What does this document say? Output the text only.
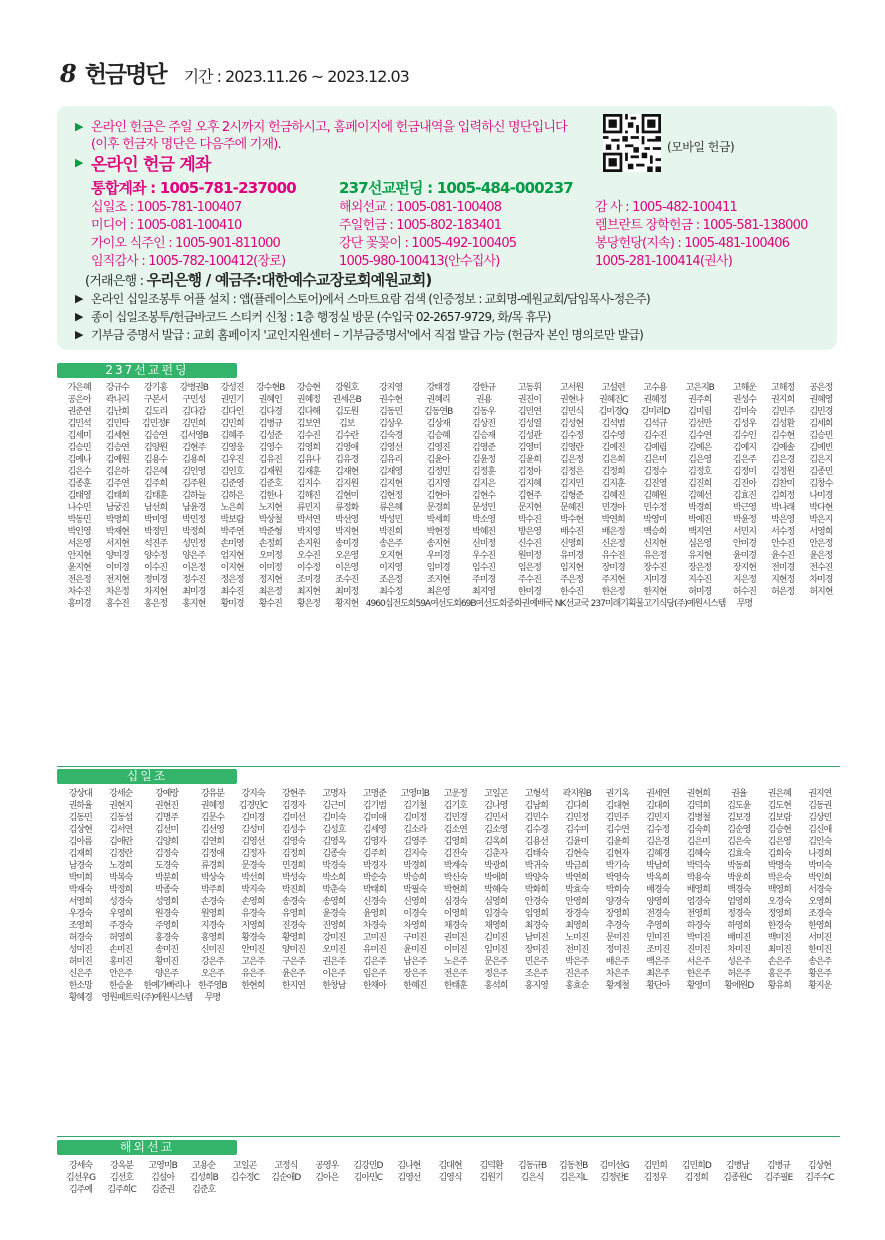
8 헌금명단 기간 : 2023.11.26 ~ 2023.12.03
▶ 온라인 헌금은 주일 오후 2시까지 헌금하시고, 홈페이지에 헌금내역을 입력하신 명단입니다
(이후 헌금자 명단은 다음주에 기재).
▶ 온라인 헌금 계좌
(모바일 헌금)
통합계좌 : 1005-781-237000	237선교펀딩 : 1005-484-000237
십일조 : 1005-781-100407	해외선교 : 1005-081-100408	감 사 : 1005-482-100411
미디어 : 1005-081-100410	주일헌금 : 1005-802-183401	렘브란트 장학헌금 : 1005-581-138000
가이오 식주인 : 1005-901-811000	강단 꽃꽂이 : 1005-492-100405	봉당헌당(지속) : 1005-481-100406
임직감사 : 1005-782-100412(장로)	1005-980-100413(안수집사)	1005-281-100414(권사)
(거래은행 : 우리은행 / 예금주:대한예수교장로회예원교회)
▶ 온라인 십일조봉투 어플 설치 : 앱(플레이스토어)에서 스마트요람 검색 (인증정보 : 교회명-예원교회/담임목사-정은주)
▶ 종이 십일조봉투/헌금바코드 스티커 신청 : 1층 행정실 방문 (수입국 02-2657-9729, 화/목 휴무)
▶ 기부금 증명서 발급 : 교회 홈페이지 '교인지원센터 – 기부금증명서'에서 직접 발급 가능 (헌금자 본인 명의로만 발급)
237선교펀딩
가은혜	강규수	강기홍	강병권B	강성진	강수현B	강승현	강원호	강지영	강태경	강한규	고동휘	고서원	고설련	고수용	고은지B	고해운	고해정	공은정
공은아	곽나리	구본서	구민성	권민기	권혜인	권혜정	권세은B	권수현	권혜리	권용	권진이	권현나	권혜진C	권혜정	권주희	권성수	권지희	권혜영
권준연	김난희	김도리	김다감	김다인	김다경	김다해	김도원	김동민	김동연B	김동우	김민연	김민식	김미경Q	김미리D	김미림	김미숙	김민주	김민경
김민석	김민탁	김민정F	김민희	김민희	김병규	김보연	김보	김상우	김상재	김상진	김성열	김성현	김석범	김석규	김선만	김성우	김성환	김세희
김세미	김세현	김승연	김서영B	김혜주	김성준	김수진	김수란	김숙경	김승혜	김승재	김성관	김수정	김수영	김수진	김수연	김수인	김수현	김승민
김승민	김승연	김양원	김현주	김영웅	김영수	김영희	김영애	김영선	김영진	김영준	김영미	김영란	김예진	김예림	김예은	김예지	김예솔	김예빈
김예나	김예원	김용수	김용희	김우진	김유진	김유나	김유경	김유리	김윤아	김윤정	김윤희	김은정	김은희	김은미	김은영	김은주	김은경	김은지
김은수	김은하	김은혜	김인영	김인호	김재원	김재훈	김재현	김재영	김정민	김정훈	김정아	김정은	김정희	김정수	김정호	김정미	김정원	김종민
김종훈	김주연	김주희	김주원	김준영	김준호	김지수	김지원	김지현	김지영	김지은	김지혜	김지민	김지훈	김진영	김진희	김진아	김찬미	김창수
김태영	김태희	김태훈	김하늘	김하은	김한나	김해진	김현미	김현정	김현아	김현수	김현주	김형준	김혜진	김혜원	김혜선	김효진	김희정	나미경
나수민	남궁진	남선희	남윤경	노은희	노지현	류민지	류정화	류은혜	문경희	문성민	문지현	문혜진	민경아	민수정	박경희	박근영	박나래	박다현
박동민	박명희	박미영	박민정	박보람	박상철	박서연	박선영	박성민	박세희	박소영	박수진	박수현	박연희	박영미	박예진	박윤정	박은영	박은지
박인영	박재현	박정민	박정희	박주연	박준형	박지영	박지현	박진희	박현정	박혜진	방은영	배수진	배은정	백승희	백지연	서민지	서수정	서영희
서은영	서지현	석진주	성민정	손미영	손정희	손지원	송미경	송은주	송지현	신미정	신수진	신영희	신은정	신지현	심은영	안미경	안수진	안은정
안지현	양미경	양수정	양은주	엄지현	오미정	오수진	오은영	오지현	우미경	우수진	원미정	유미경	유수진	유은정	유지현	윤미경	윤수진	윤은정
윤지현	이미경	이수진	이은정	이지현	이미정	이수정	이은영	이지영	임미경	임수진	임은정	임지현	장미경	장수진	장은정	장지현	전미경	전수진
전은정	전지현	정미경	정수진	정은정	정지현	조미경	조수진	조은정	조지현	주미경	주수진	주은정	주지현	지미경	지수진	지은정	지현정	차미경
차수진	차은정	차지현	최미경	최수진	최은정	최지현	최미정	최수정	최은영	최지영	한미경	한수진	한은정	한지현	허미경	허수진	허은정	허지현
홍미경	홍수진	홍은정	홍지현	황미경	황수진	황은정	황지현 4960십전도회 59A여선도회 69B여선도회 중화권예배국 NK선교국 237미래기획 물고기식당 (주)예원시스템	무명
십일조
강상대	강세순	강예랑	강유분	강지숙	강현주	고명자	고명준	고영미B	고운정	고일곤	고형석	곽지원B	권기옥	권세연	권현희	권율	권은혜	권지연
권하율	권현지	권현진	권혜정	김경민C	김경자	김근미	김기범	김기철	김기호	김나영	김남희	김다희	김대현	김대희	김덕희	김도윤	김도현	김동권
김동민	김동섭	김명주	김문수	김미경	김미선	김미숙	김미애	김미정	김민경	김민서	김민수	김민정	김민주	김민지	김병철	김보경	김보람	김상민
김상현	김서연	김선미	김선영	김성미	김성수	김성호	김세영	김소라	김소연	김소영	김수경	김수미	김수연	김수정	김숙희	김순영	김승현	김신애
김아름	김애란	김양희	김연희	김영선	김영숙	김영옥	김영자	김영주	김영희	김옥희	김용선	김윤미	김윤희	김은경	김은미	김은숙	김은영	김인숙
김재희	김정란	김정숙	김정애	김정자	김정희	김종숙	김주희	김지숙	김진숙	김춘자	김태숙	김현숙	김현자	김혜경	김혜숙	김효숙	김희숙	나경희
남경숙	노경희	도경숙	류경희	문경숙	민경희	박경숙	박경자	박경희	박계숙	박광희	박귀숙	박금희	박기숙	박남희	박덕숙	박동희	박명숙	박미숙
박미희	박복숙	박분희	박상숙	박선희	박성숙	박소희	박순숙	박승희	박신숙	박애희	박양숙	박연희	박영숙	박옥희	박용숙	박운희	박은숙	박인희
박재숙	박정희	박종숙	박주희	박지숙	박진희	박춘숙	박태희	박필숙	박현희	박혜숙	박화희	박효숙	박희숙	배경숙	배영희	백경숙	백영희	서경숙
서영희	성경숙	성영희	손경숙	손영희	송경숙	송영희	신경숙	신영희	심경숙	심영희	안경숙	안영희	양경숙	양영희	엄경숙	엄영희	오경숙	오영희
우경숙	우영희	원경숙	원영희	유경숙	유영희	윤경숙	윤영희	이경숙	이영희	임경숙	임영희	장경숙	장영희	전경숙	전영희	정경숙	정영희	조경숙
조영희	주경숙	주영희	지경숙	지영희	진경숙	진영희	차경숙	차영희	채경숙	채영희	최경숙	최영희	추경숙	추영희	하경숙	하영희	한경숙	한영희
허경숙	허영희	홍경숙	홍영희	황경숙	황영희	강미진	고미진	구미진	권미진	김미진	남미진	노미진	문미진	민미진	박미진	배미진	백미진	서미진
성미진	손미진	송미진	신미진	안미진	양미진	오미진	유미진	윤미진	이미진	임미진	장미진	전미진	정미진	조미진	진미진	차미진	최미진	한미진
허미진	홍미진	황미진	강은주	고은주	구은주	권은주	김은주	남은주	노은주	문은주	민은주	박은주	배은주	백은주	서은주	성은주	손은주	송은주
신은주	안은주	양은주	오은주	유은주	윤은주	이은주	임은주	장은주	전은주	정은주	조은주	진은주	차은주	최은주	한은주	허은주	홍은주	황은주
한소망	한승윤	한예가빠리나 한주영B	한현희	한지연	한창남	한채아	한혜진	한태훈	홍석희	홍지영	홍효순	황계철	황단아	황영미	황에원D	황유희	황지운
황혜경	영원패트릭 (주)예원시스템	무명
해외선교
강세숙	강옥분	고영미B	고용순	고일곤	고정식	공영우	김강민D	김나현	김대현	김덕환	김동규B	김동천B	김미선G	김민희	김민희D	김병남	김병규	김상현
김선우G	김선호	김설아	김성희B	김수정C	김순애D	김아은	김아민C	김영선	김영식	김원기	김은식	김은지L	김정란E	김정우	김정희	김종원C	김주필E	김주수C
김주예	김주희C	김준권	김준호
